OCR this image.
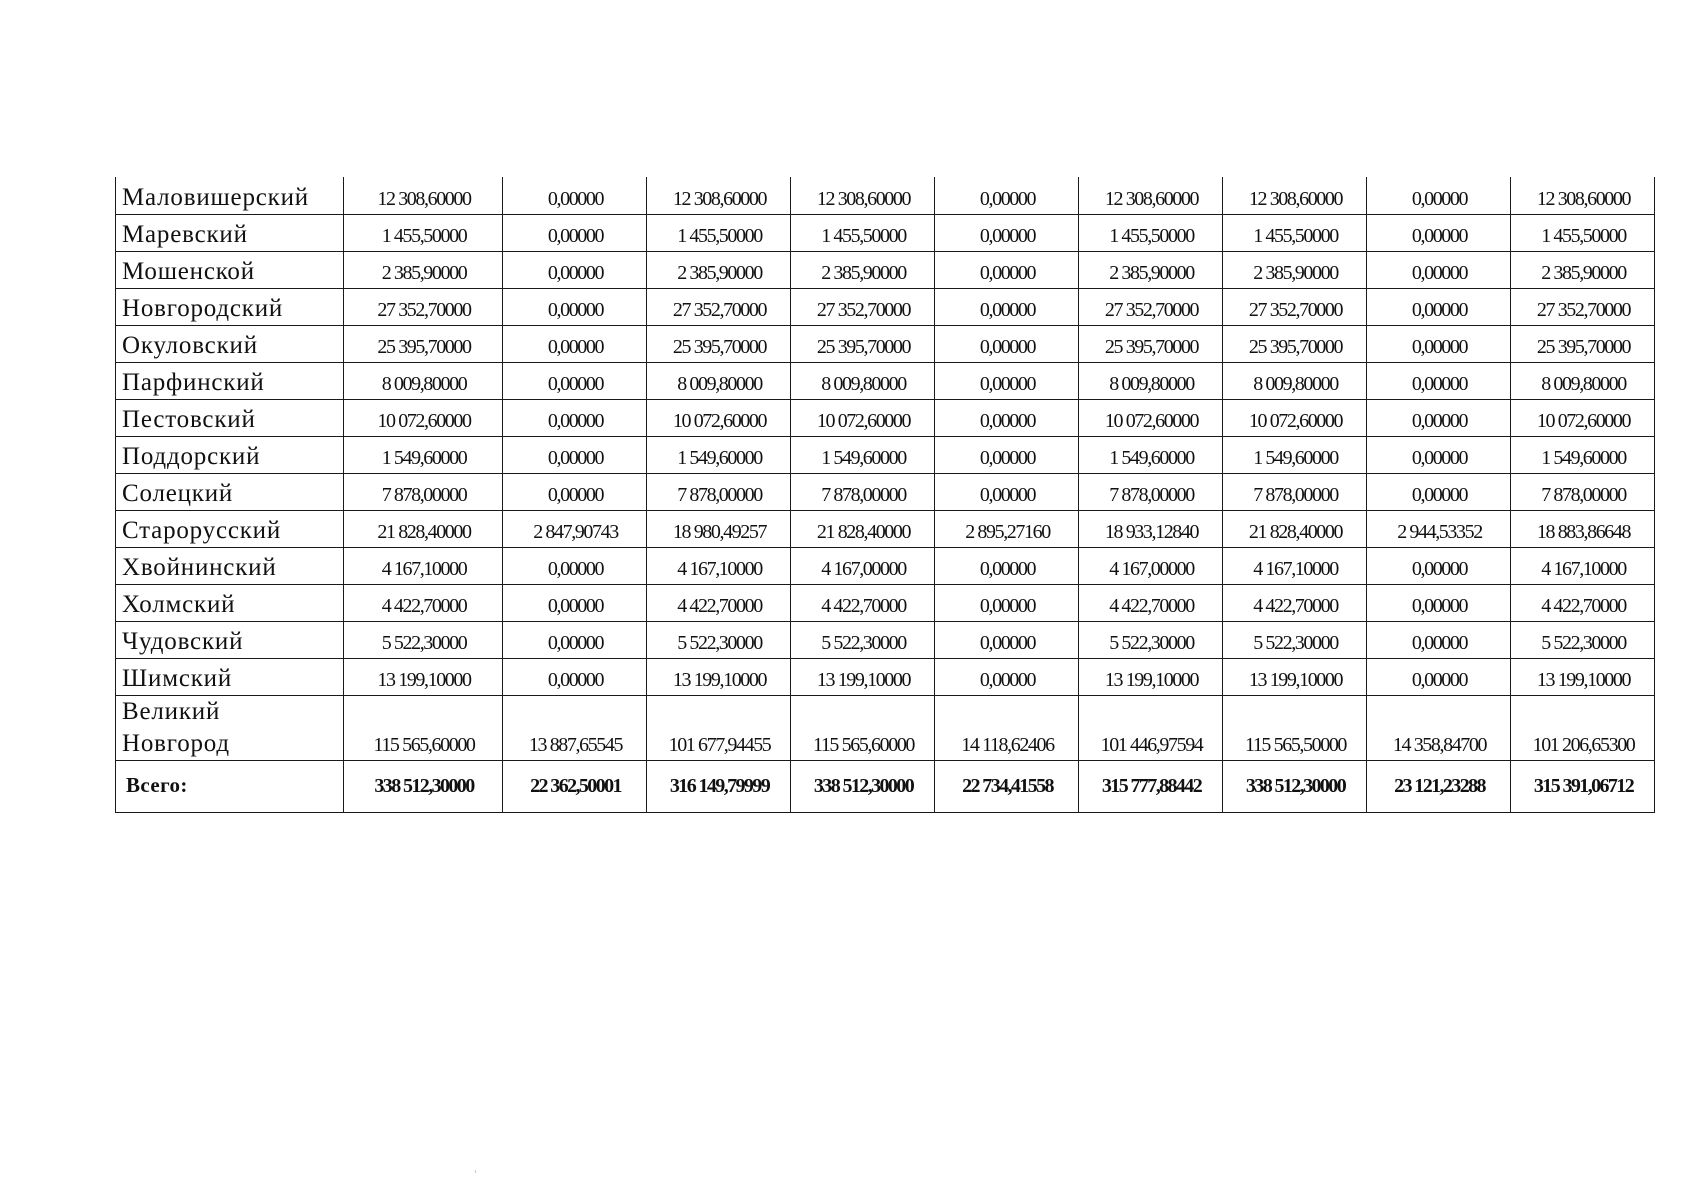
Маловишерский	12 308,60000	0,00000	12 308,60000	12 308,60000	0,00000	12 308,60000	12 308,60000	0,00000	12 308,60000
Маревский	1 455,50000	0,00000	1 455,50000	1 455,50000	0,00000	1 455,50000	1 455,50000	0,00000	1 455,50000
Мошенской	2 385,90000	0,00000	2 385,90000	2 385,90000	0,00000	2 385,90000	2 385,90000	0,00000	2 385,90000
Новгородский	27 352,70000	0,00000	27 352,70000	27 352,70000	0,00000	27 352,70000	27 352,70000	0,00000	27 352,70000
Окуловский	25 395,70000	0,00000	25 395,70000	25 395,70000	0,00000	25 395,70000	25 395,70000	0,00000	25 395,70000
Парфинский	8 009,80000	0,00000	8 009,80000	8 009,80000	0,00000	8 009,80000	8 009,80000	0,00000	8 009,80000
Пестовский	10 072,60000	0,00000	10 072,60000	10 072,60000	0,00000	10 072,60000	10 072,60000	0,00000	10 072,60000
Поддорский	1 549,60000	0,00000	1 549,60000	1 549,60000	0,00000	1 549,60000	1 549,60000	0,00000	1 549,60000
Солецкий	7 878,00000	0,00000	7 878,00000	7 878,00000	0,00000	7 878,00000	7 878,00000	0,00000	7 878,00000
Старорусский	21 828,40000	2 847,90743	18 980,49257	21 828,40000	2 895,27160	18 933,12840	21 828,40000	2 944,53352	18 883,86648
Хвойнинский	4 167,10000	0,00000	4 167,10000	4 167,00000	0,00000	4 167,00000	4 167,10000	0,00000	4 167,10000
Холмский	4 422,70000	0,00000	4 422,70000	4 422,70000	0,00000	4 422,70000	4 422,70000	0,00000	4 422,70000
Чудовский	5 522,30000	0,00000	5 522,30000	5 522,30000	0,00000	5 522,30000	5 522,30000	0,00000	5 522,30000
Шимский	13 199,10000	0,00000	13 199,10000	13 199,10000	0,00000	13 199,10000	13 199,10000	0,00000	13 199,10000

Великий
Новгород	115 565,60000	13 887,65545	101 677,94455	115 565,60000	14 118,62406	101 446,97594	115 565,50000	14 358,84700	101 206,65300
Всего:	338 512,30000	22 362,50001	316 149,79999	338 512,30000	22 734,41558	315 777,88442	338 512,30000	23 121,23288	315 391,06712
